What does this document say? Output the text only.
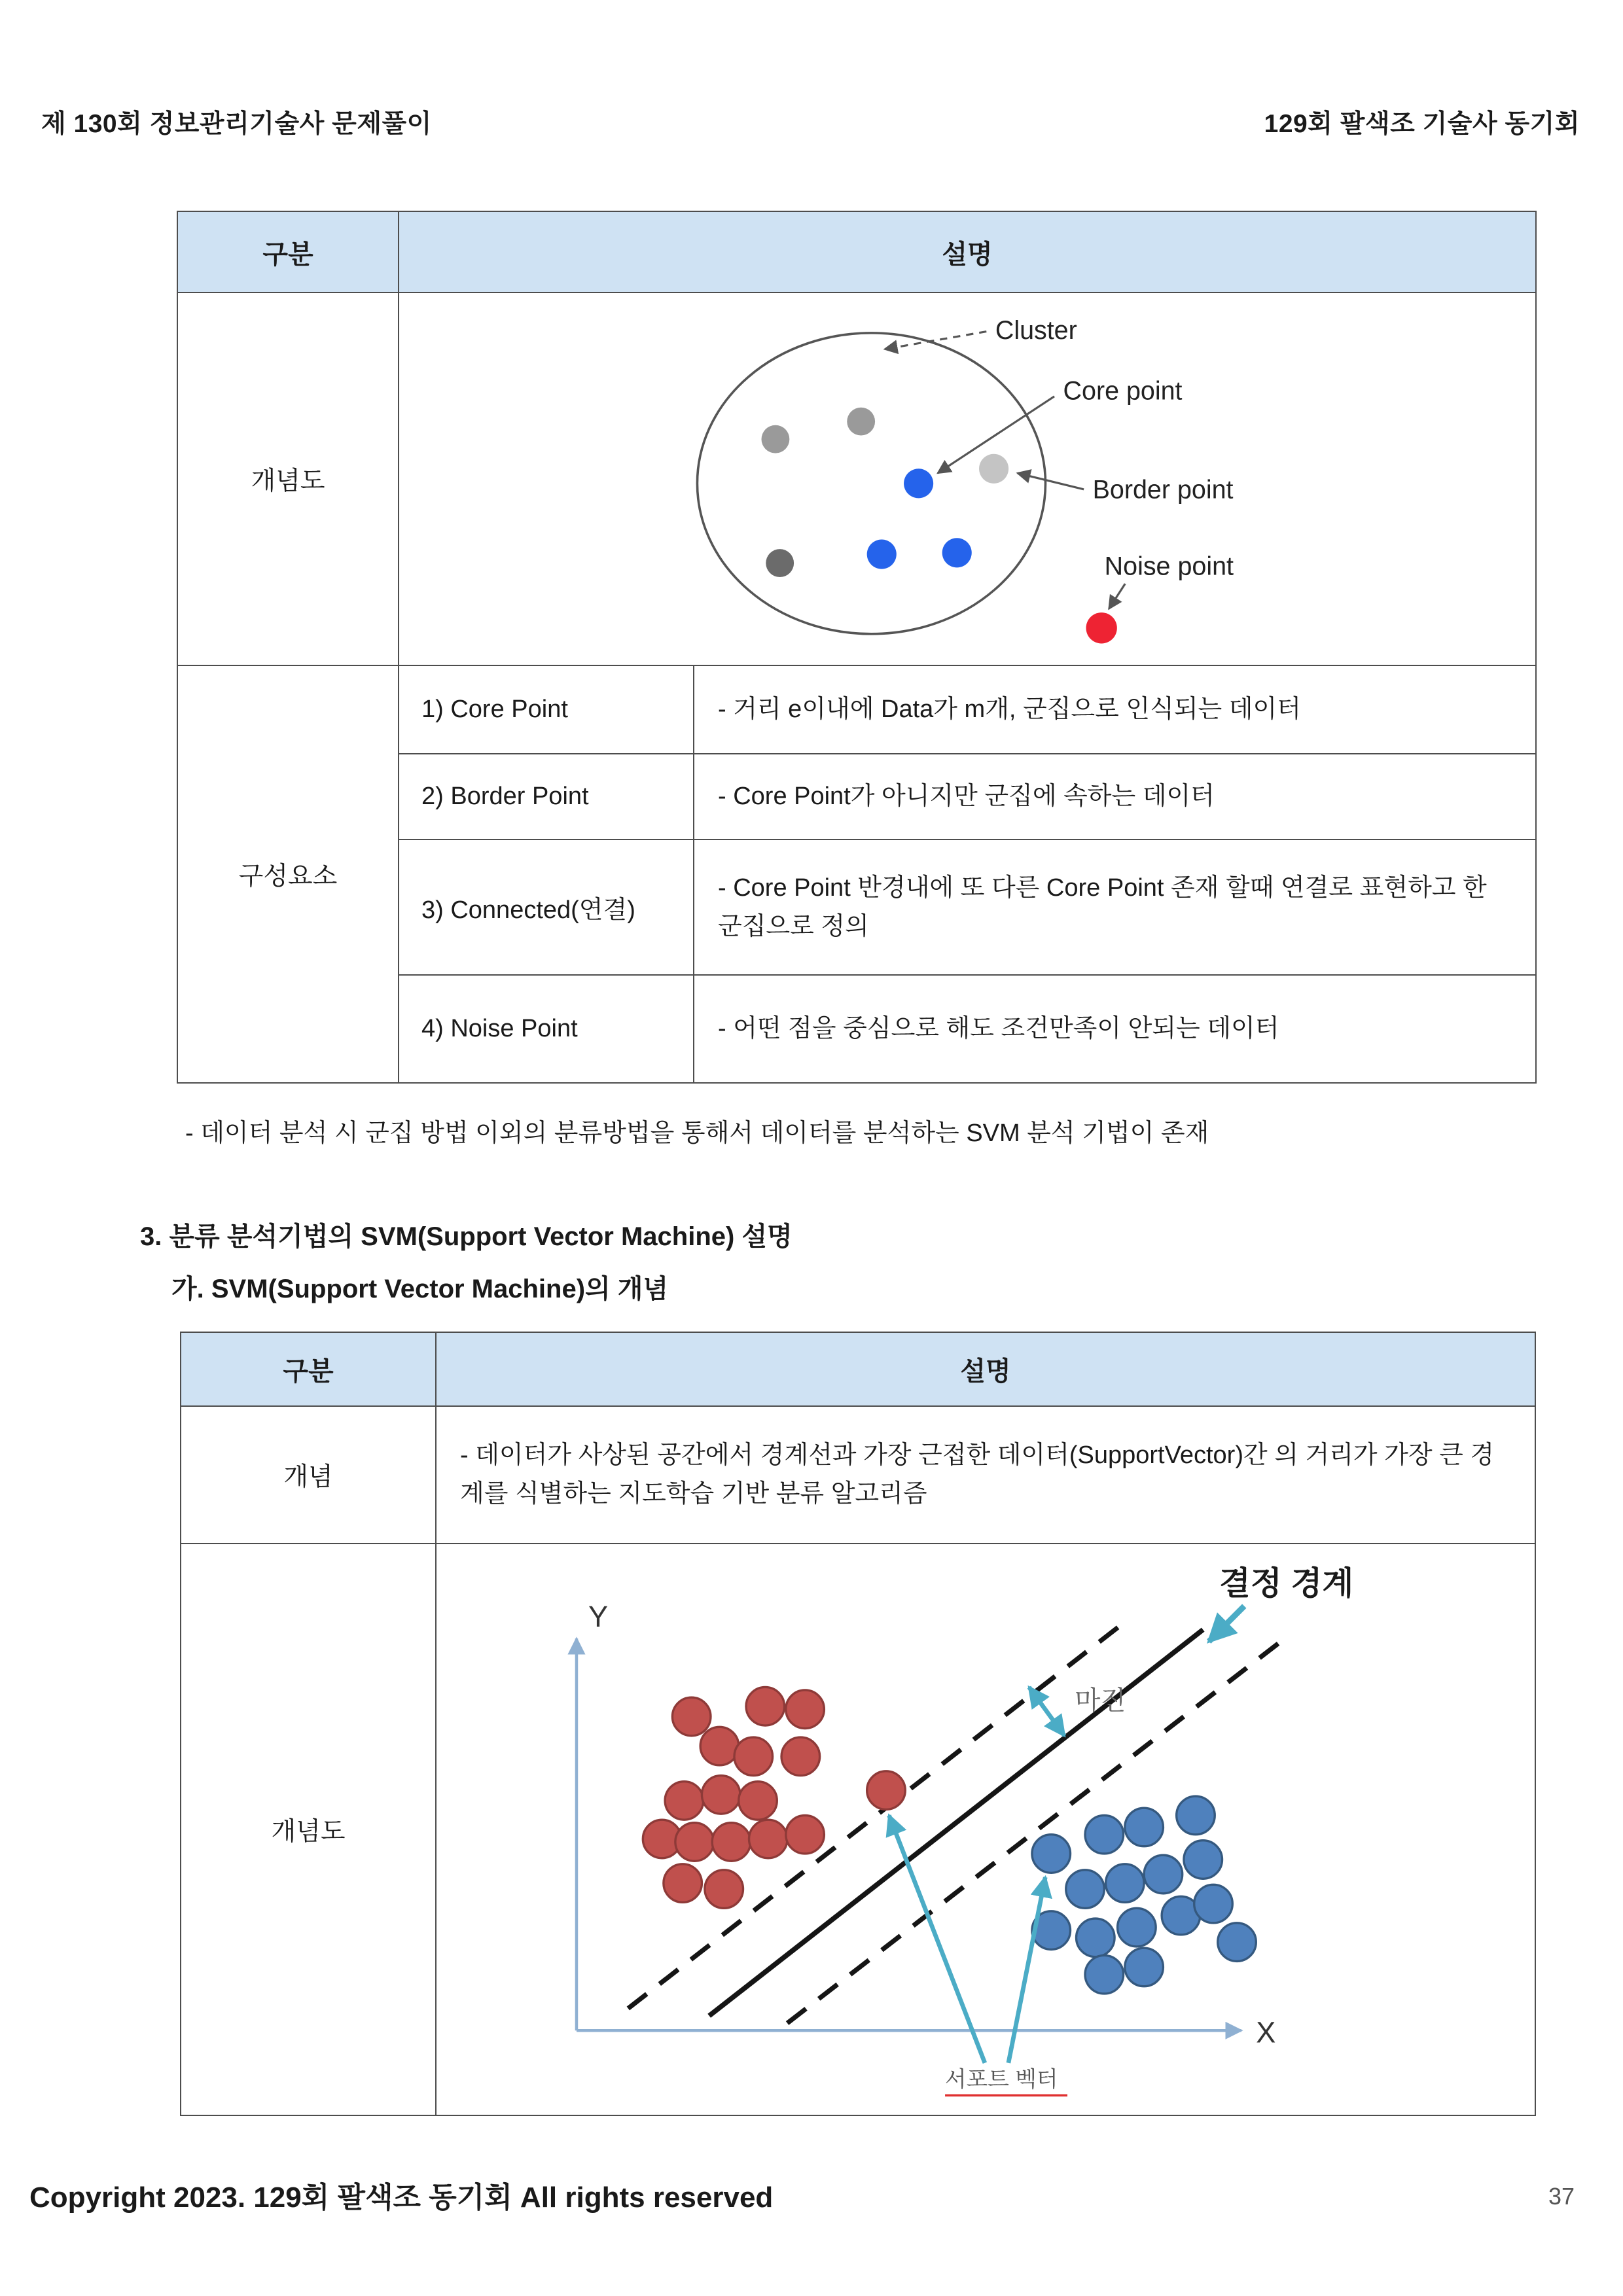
제 130회 정보관리기술사 문제풀이	129회 팔색조 기술사 동기회
구분	설명	
개념도	Cluster
Core point
Border point
Noise point	

구성요소	1) Core Point	- 거리 e이내에 Data가 m개, 군집으로 인식되는 데이터
	2) Border Point	- Core Point가 아니지만 군집에 속하는 데이터
	3) Connected(연결)	- Core Point 반경내에 또 다른 Core Point 존재 할때 연결로 표현하고 한 군집으로 정의
	4) Noise Point	- 어떤 점을 중심으로 해도 조건만족이 안되는 데이터
- 데이터 분석 시 군집 방법 이외의 분류방법을 통해서 데이터를 분석하는 SVM 분석 기법이 존재
3. 분류 분석기법의 SVM(Support Vector Machine) 설명
가. SVM(Support Vector Machine)의 개념
구분	설명
개념	- 데이터가 사상된 공간에서 경계선과 가장 근접한 데이터(SupportVector)간 의 거리가 가장 큰 경계를 식별하는 지도학습 기반 분류 알고리즘
개념도	Y
X
결정 경계
마진
서포트 벡터
Copyright 2023. 129회 팔색조 동기회 All rights reserved	37
